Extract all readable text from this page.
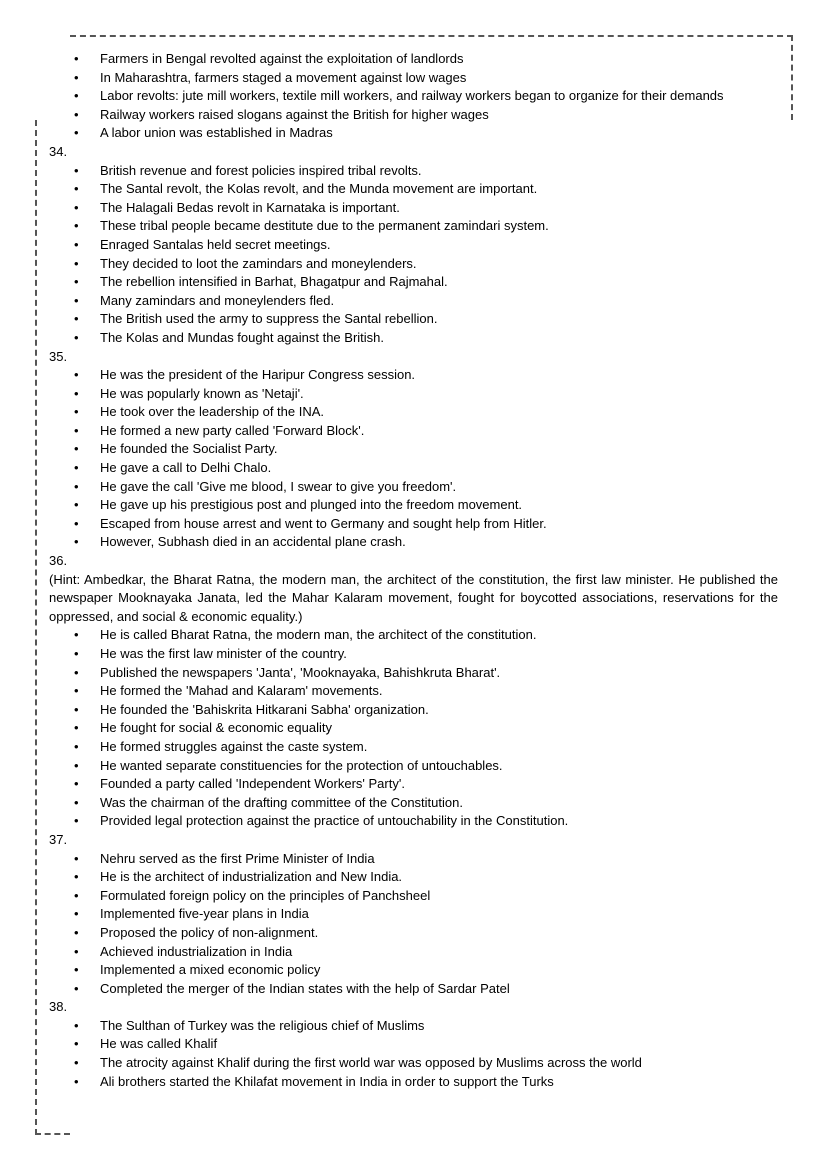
• Farmers in Bengal revolted against the exploitation of landlords
• In Maharashtra, farmers staged a movement against low wages
• Labor revolts: jute mill workers, textile mill workers, and railway workers began to organize for their demands
• Railway workers raised slogans against the British for higher wages
• A labor union was established in Madras

34.

• British revenue and forest policies inspired tribal revolts.
• The Santal revolt, the Kolas revolt, and the Munda movement are important.
• The Halagali Bedas revolt in Karnataka is important.
• These tribal people became destitute due to the permanent zamindari system.
• Enraged Santalas held secret meetings.
• They decided to loot the zamindars and moneylenders.
• The rebellion intensified in Barhat, Bhagatpur and Rajmahal.
• Many zamindars and moneylenders fled.
• The British used the army to suppress the Santal rebellion.
• The Kolas and Mundas fought against the British.

35.

• He was the president of the Haripur Congress session.
• He was popularly known as 'Netaji'.
• He took over the leadership of the INA.
• He formed a new party called 'Forward Block'.
• He founded the Socialist Party.
• He gave a call to Delhi Chalo.
• He gave the call 'Give me blood, I swear to give you freedom'.
• He gave up his prestigious post and plunged into the freedom movement.
• Escaped from house arrest and went to Germany and sought help from Hitler.
• However, Subhash died in an accidental plane crash.

36.

(Hint: Ambedkar, the Bharat Ratna, the modern man, the architect of the constitution, the first law minister. He published the newspaper Mooknayaka Janata, led the Mahar Kalaram movement, fought for boycotted associations, reservations for the oppressed, and social & economic equality.)

• He is called Bharat Ratna, the modern man, the architect of the constitution.
• He was the first law minister of the country.
• Published the newspapers 'Janta', 'Mooknayaka, Bahishkruta Bharat'.
• He formed the 'Mahad and Kalaram' movements.
• He founded the 'Bahiskrita Hitkarani Sabha' organization.
• He fought for social & economic equality
• He formed struggles against the caste system.
• He wanted separate constituencies for the protection of untouchables.
• Founded a party called 'Independent Workers' Party'.
• Was the chairman of the drafting committee of the Constitution.
• Provided legal protection against the practice of untouchability in the Constitution.

37.

• Nehru served as the first Prime Minister of India
• He is the architect of industrialization and New India.
• Formulated foreign policy on the principles of Panchsheel
• Implemented five-year plans in India
• Proposed the policy of non-alignment.
• Achieved industrialization in India
• Implemented a mixed economic policy
• Completed the merger of the Indian states with the help of Sardar Patel

38.

• The Sulthan of Turkey was the religious chief of Muslims
• He was called Khalif
• The atrocity against Khalif during the first world war was opposed by Muslims across the world
• Ali brothers started the Khilafat movement in India in order to support the Turks
